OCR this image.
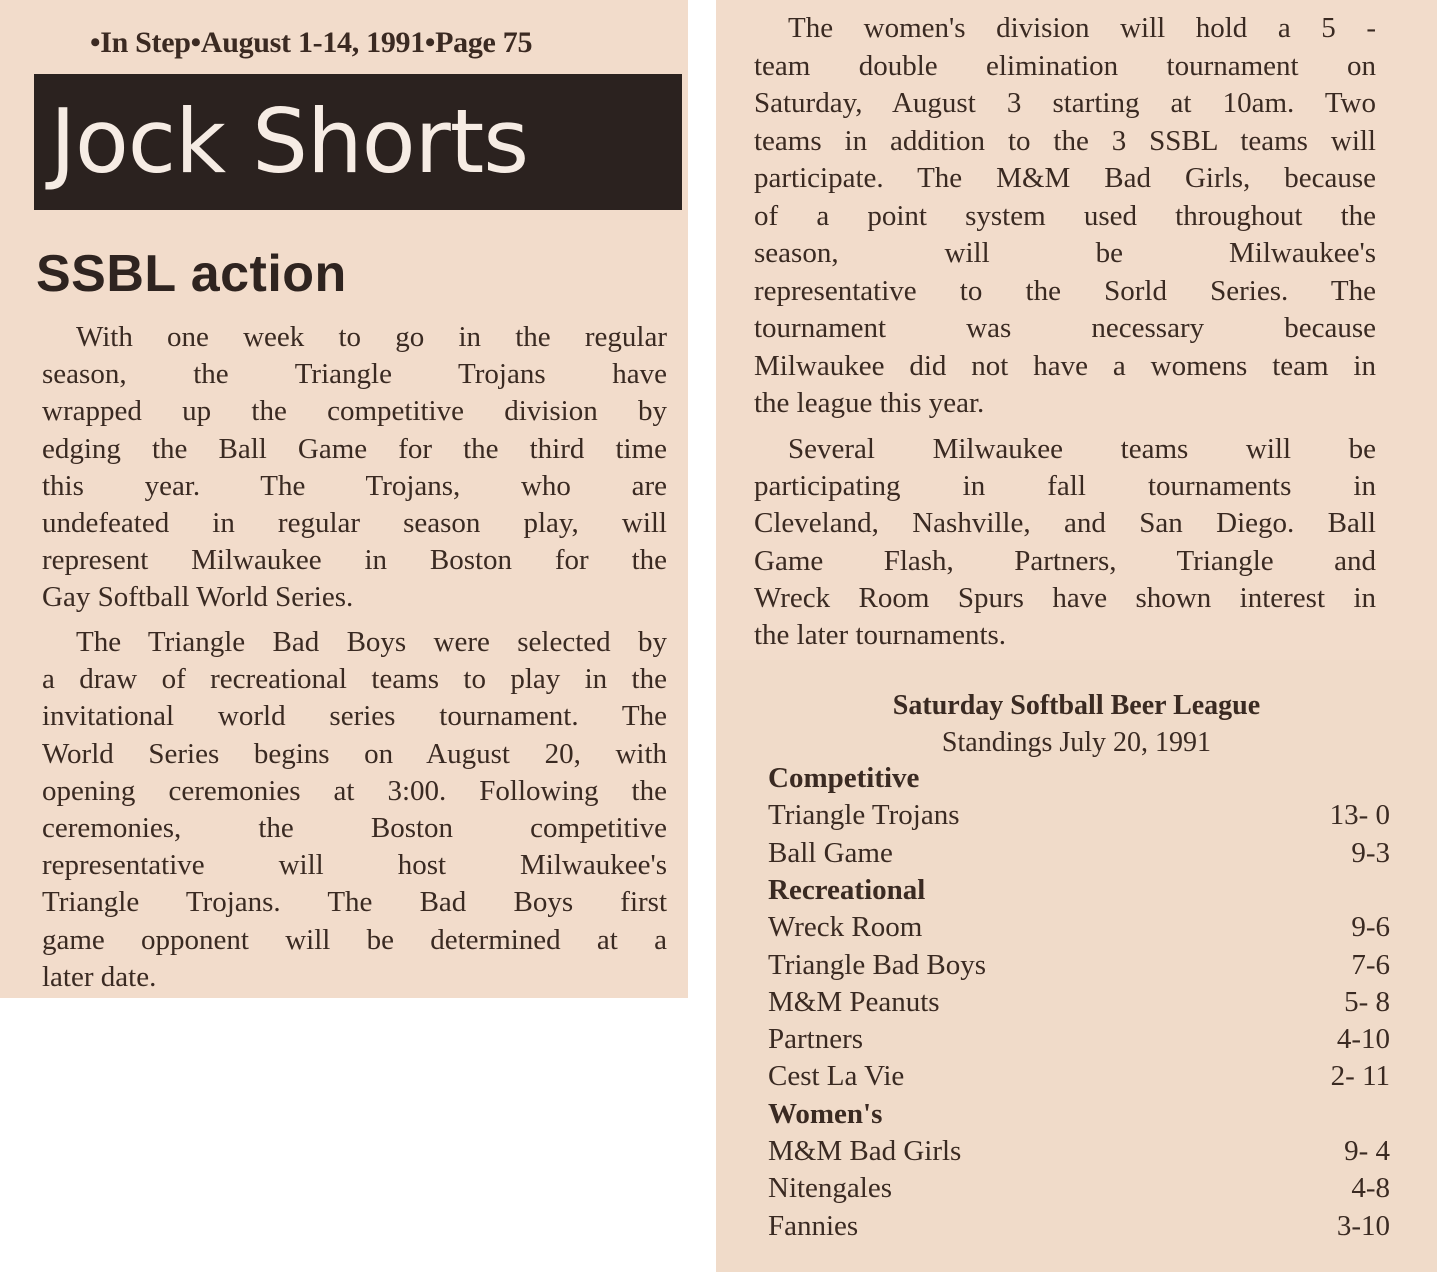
•In Step•August 1-14, 1991•Page 75
Jock Shorts
SSBL action
With one week to go in the regular
season, the Triangle Trojans have
wrapped up the competitive division by
edging the Ball Game for the third time
this year. The Trojans, who are
undefeated in regular season play, will
represent Milwaukee in Boston for the
Gay Softball World Series.
The Triangle Bad Boys were selected by
a draw of recreational teams to play in the
invitational world series tournament. The
World Series begins on August 20, with
opening ceremonies at 3:00. Following the
ceremonies, the Boston competitive
representative will host Milwaukee's
Triangle Trojans. The Bad Boys first
game opponent will be determined at a
later date.
The women's division will hold a 5 -
team double elimination tournament on
Saturday, August 3 starting at 10am. Two
teams in addition to the 3 SSBL teams will
participate. The M&M Bad Girls, because
of a point system used throughout the
season, will be Milwaukee's
representative to the Sorld Series. The
tournament was necessary because
Milwaukee did not have a womens team in
the league this year.
Several Milwaukee teams will be
participating in fall tournaments in
Cleveland, Nashville, and San Diego. Ball
Game Flash, Partners, Triangle and
Wreck Room Spurs have shown interest in
the later tournaments.
Saturday Softball Beer League
Standings July 20, 1991
Competitive
Triangle Trojans	13- 0
Ball Game	9-3
Recreational
Wreck Room	9-6
Triangle Bad Boys	7-6
M&M Peanuts	5- 8
Partners	4-10
Cest La Vie	2- 11
Women's
M&M Bad Girls	9- 4
Nitengales	4-8
Fannies	3-10
